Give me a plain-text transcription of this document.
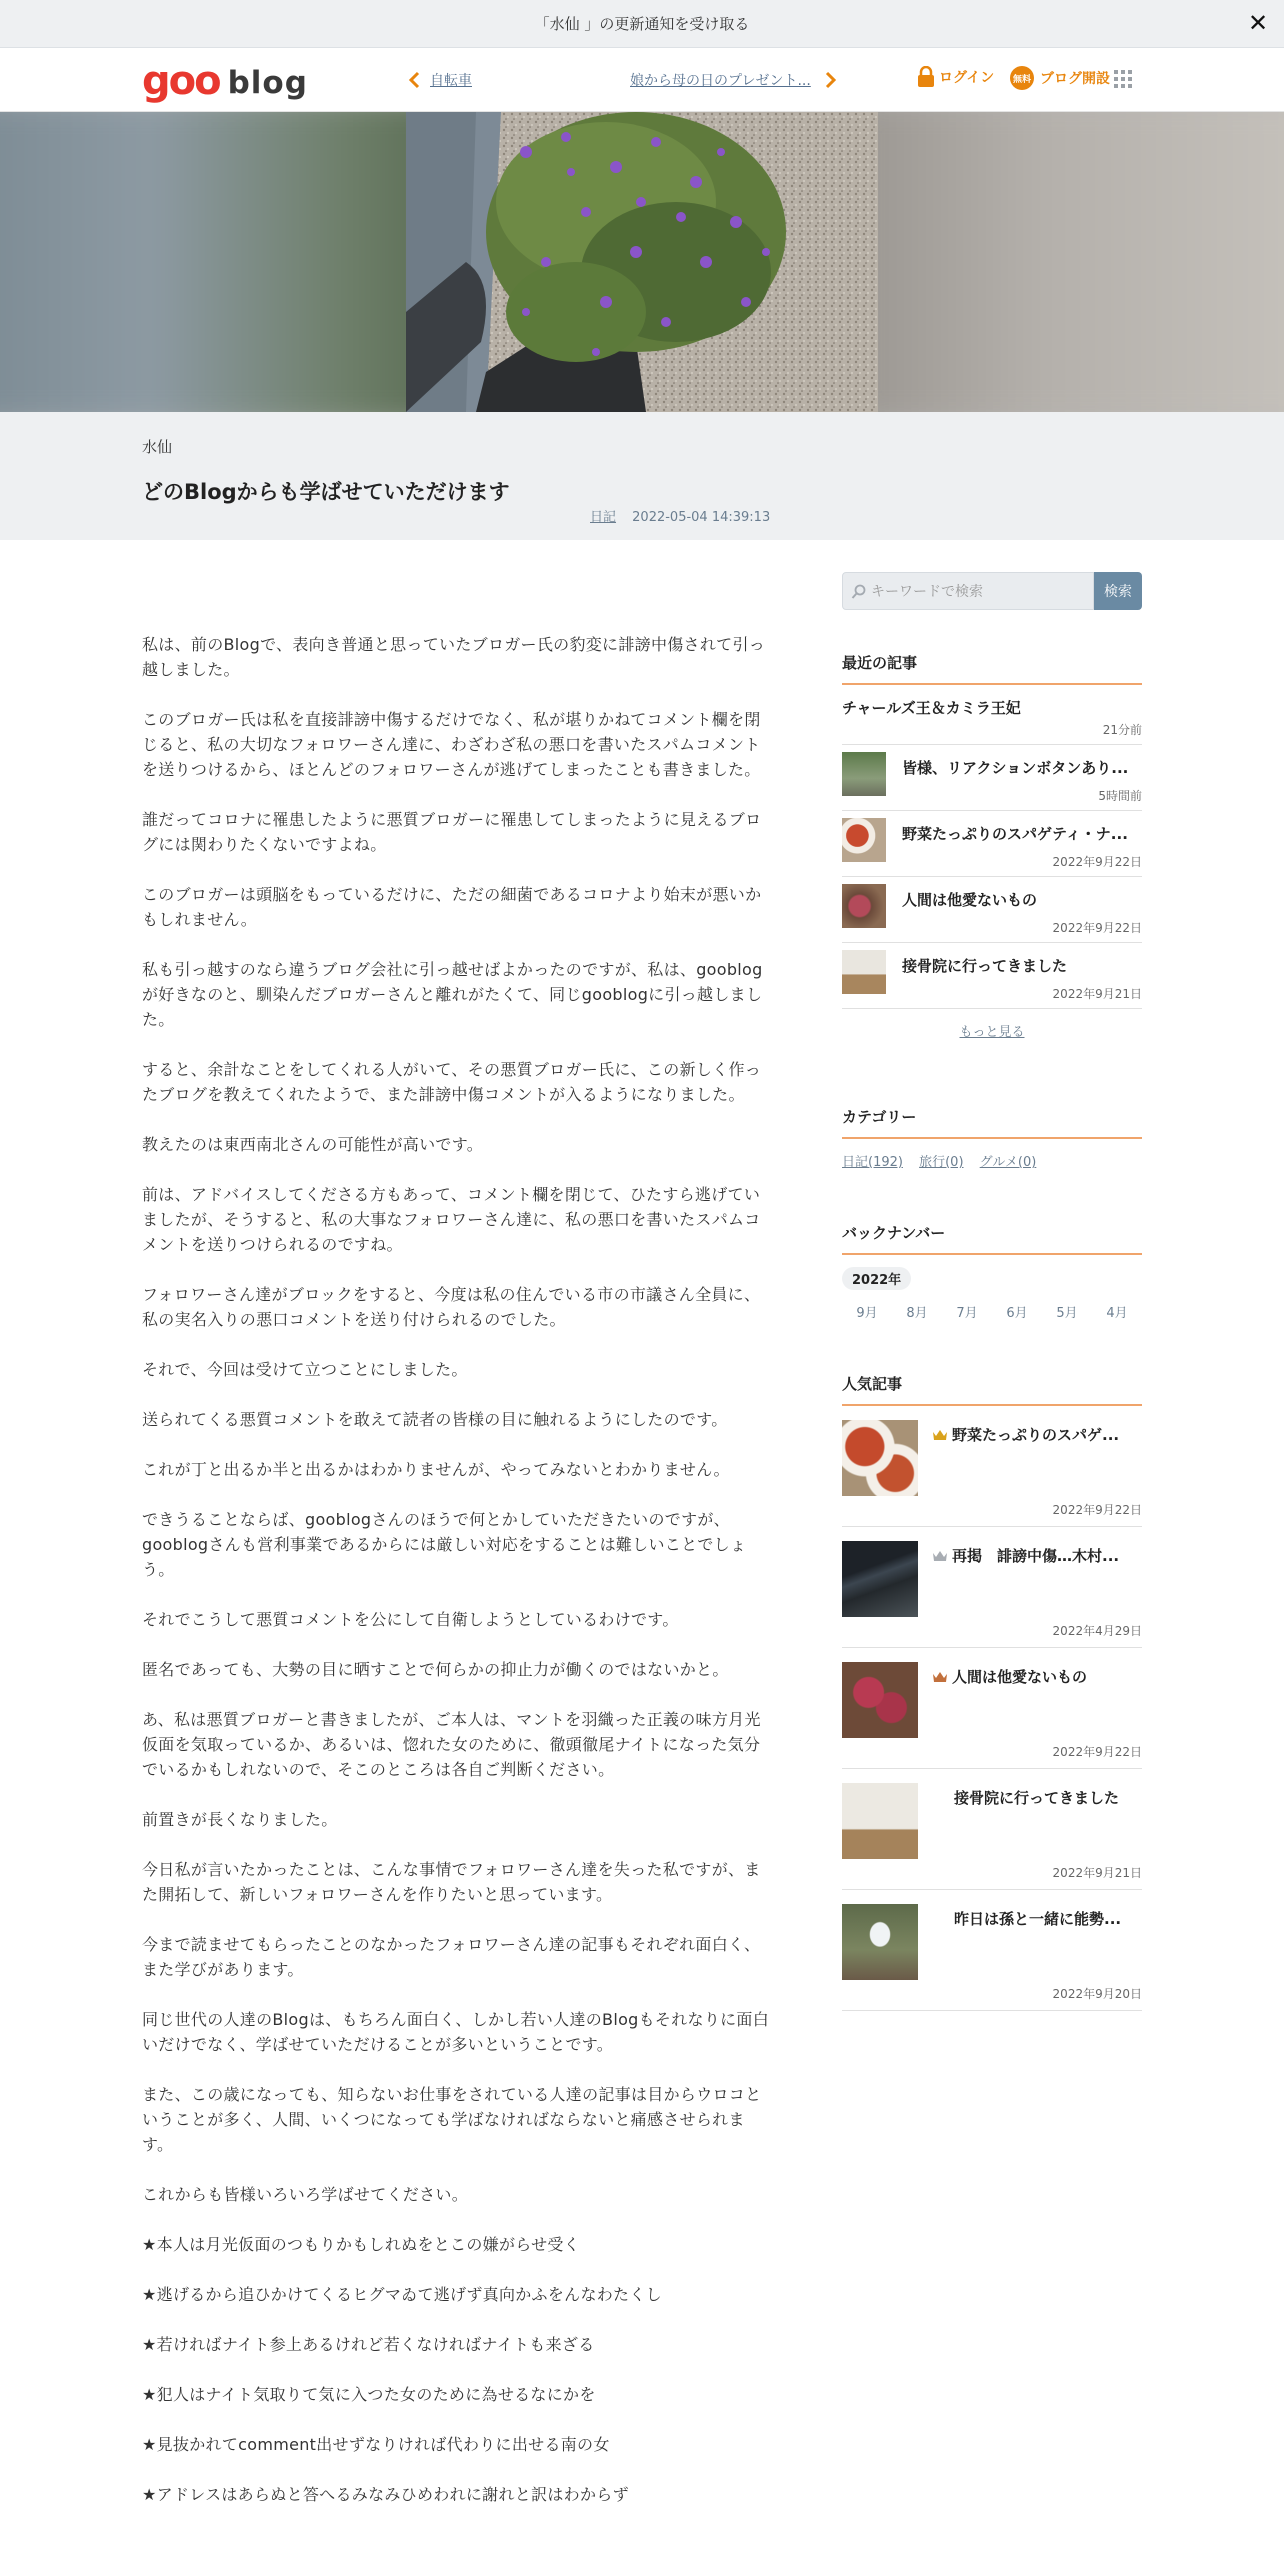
「水仙 」の更新通知を受け取る	✕
goo blog	自転車	娘から母の日のプレゼント...	ログイン	無料 ブログ開設
水仙
どのBlogからも学ばせていただけます
日記 2022-05-04 14:39:13

私は、前のBlogで、表向き普通と思っていたブロガー氏の豹変に誹謗中傷されて引っ越しました。

このブロガー氏は私を直接誹謗中傷するだけでなく、私が堪りかねてコメント欄を閉じると、私の大切なフォロワーさん達に、わざわざ私の悪口を書いたスパムコメントを送りつけるから、ほとんどのフォロワーさんが逃げてしまったことも書きました。

誰だってコロナに罹患したように悪質ブロガーに罹患してしまったように見えるブログには関わりたくないですよね。

このブロガーは頭脳をもっているだけに、ただの細菌であるコロナより始末が悪いかもしれません。

私も引っ越すのなら違うブログ会社に引っ越せばよかったのですが、私は、gooblogが好きなのと、馴染んだブロガーさんと離れがたくて、同じgooblogに引っ越しました。

すると、余計なことをしてくれる人がいて、その悪質ブロガー氏に、この新しく作ったブログを教えてくれたようで、また誹謗中傷コメントが入るようになりました。

教えたのは東西南北さんの可能性が高いです。

前は、アドバイスしてくださる方もあって、コメント欄を閉じて、ひたすら逃げていましたが、そうすると、私の大事なフォロワーさん達に、私の悪口を書いたスパムコメントを送りつけられるのですね。

フォロワーさん達がブロックをすると、今度は私の住んでいる市の市議さん全員に、私の実名入りの悪口コメントを送り付けられるのでした。

それで、今回は受けて立つことにしました。

送られてくる悪質コメントを敢えて読者の皆様の目に触れるようにしたのです。

これが丁と出るか半と出るかはわかりませんが、やってみないとわかりません。

できうることならば、gooblogさんのほうで何とかしていただきたいのですが、gooblogさんも営利事業であるからには厳しい対応をすることは難しいことでしょう。

それでこうして悪質コメントを公にして自衛しようとしているわけです。

匿名であっても、大勢の目に晒すことで何らかの抑止力が働くのではないかと。

あ、私は悪質ブロガーと書きましたが、ご本人は、マントを羽織った正義の味方月光仮面を気取っているか、あるいは、惚れた女のために、徹頭徹尾ナイトになった気分でいるかもしれないので、そこのところは各自ご判断ください。

前置きが長くなりました。

今日私が言いたかったことは、こんな事情でフォロワーさん達を失った私ですが、また開拓して、新しいフォロワーさんを作りたいと思っています。

今まで読ませてもらったことのなかったフォロワーさん達の記事もそれぞれ面白く、また学びがあります。

同じ世代の人達のBlogは、もちろん面白く、しかし若い人達のBlogもそれなりに面白いだけでなく、学ばせていただけることが多いということです。

また、この歳になっても、知らないお仕事をされている人達の記事は目からウロコということが多く、人間、いくつになっても学ばなければならないと痛感させられます。

これからも皆様いろいろ学ばせてください。

★本人は月光仮面のつもりかもしれぬをとこの嫌がらせ受く

★逃げるから追ひかけてくるヒグマゐて逃げず真向かふをんなわたくし

★若ければナイト参上あるけれど若くなければナイトも来ざる

★犯人はナイト気取りて気に入つた女のために為せるなにかを

★見抜かれてcomment出せずなりければ代わりに出せる南の女

★アドレスはあらぬと答へるみなみひめわれに謝れと訳はわからず

キーワードで検索	検索
最近の記事
チャールズ王＆カミラ王妃
21分前
皆様、リアクションボタンあり...
5時間前
野菜たっぷりのスパゲティ・ナ...
2022年9月22日
人間は他愛ないもの
2022年9月22日
接骨院に行ってきました
2022年9月21日
もっと見る
カテゴリー
日記(192) 旅行(0) グルメ(0)
バックナンバー
2022年
9月	8月	7月	6月	5月	4月
人気記事
野菜たっぷりのスパゲ...
2022年9月22日
再掲　誹謗中傷…木村...
2022年4月29日
人間は他愛ないもの
2022年9月22日
接骨院に行ってきました
2022年9月21日
昨日は孫と一緒に能勢...
2022年9月20日
